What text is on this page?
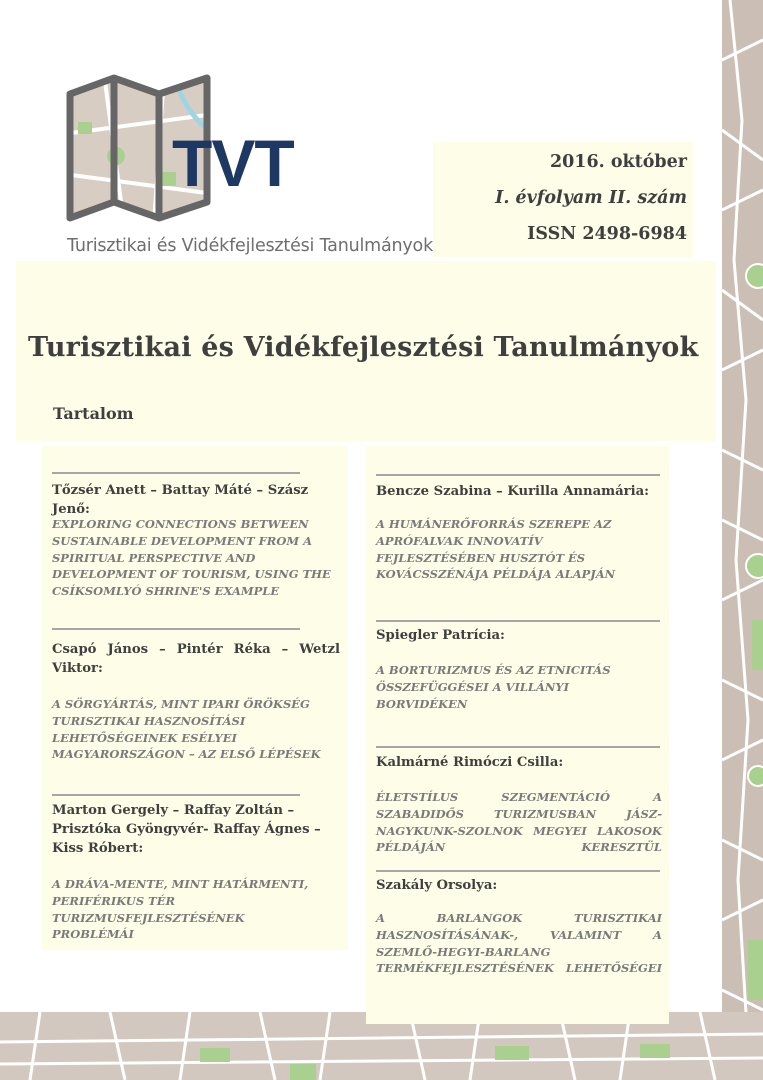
TVT
Turisztikai és Vidékfejlesztési Tanulmányok
2016. október
I. évfolyam II. szám
ISSN 2498-6984
Turisztikai és Vidékfejlesztési Tanulmányok
Tartalom
Tőzsér Anett – Battay Máté – Szász Jenő:
EXPLORING CONNECTIONS BETWEEN SUSTAINABLE DEVELOPMENT FROM A SPIRITUAL PERSPECTIVE AND DEVELOPMENT OF TOURISM, USING THE CSÍKSOMLYÓ SHRINE'S EXAMPLE
Csapó János – Pintér Réka – Wetzl Viktor:
A SÖRGYÁRTÁS, MINT IPARI ÖRÖKSÉG TURISZTIKAI HASZNOSÍTÁSI LEHETŐSÉGEINEK ESÉLYEI MAGYARORSZÁGON – AZ ELSŐ LÉPÉSEK
Marton Gergely – Raffay Zoltán – Prisztóka Gyöngyvér- Raffay Ágnes – Kiss Róbert:
A DRÁVA-MENTE, MINT HATÁRMENTI, PERIFÉRIKUS TÉR TURIZMUSFEJLESZTÉSÉNEK PROBLÉMÁI
Bencze Szabina – Kurilla Annamária:
A HUMÁNERŐFORRÁS SZEREPE AZ APRÓFALVAK INNOVATÍV FEJLESZTÉSÉBEN HUSZTÓT ÉS KOVÁCSSZÉNÁJA PÉLDÁJA ALAPJÁN
Spiegler Patrícia:
A BORTURIZMUS ÉS AZ ETNICITÁS ÖSSZEFÜGGÉSEI A VILLÁNYI BORVIDÉKEN
Kalmárné Rimóczi Csilla:
ÉLETSTÍLUS SZEGMENTÁCIÓ A SZABADIDŐS TURIZMUSBAN JÁSZ-NAGYKUNK-SZOLNOK MEGYEI LAKOSOK PÉLDÁJÁN KERESZTÜL
Szakály Orsolya:
A BARLANGOK TURISZTIKAI HASZNOSÍTÁSÁNAK-, VALAMINT A SZEMLŐ-HEGYI-BARLANG TERMÉKFEJLESZTÉSÉNEK LEHETŐSÉGEI
